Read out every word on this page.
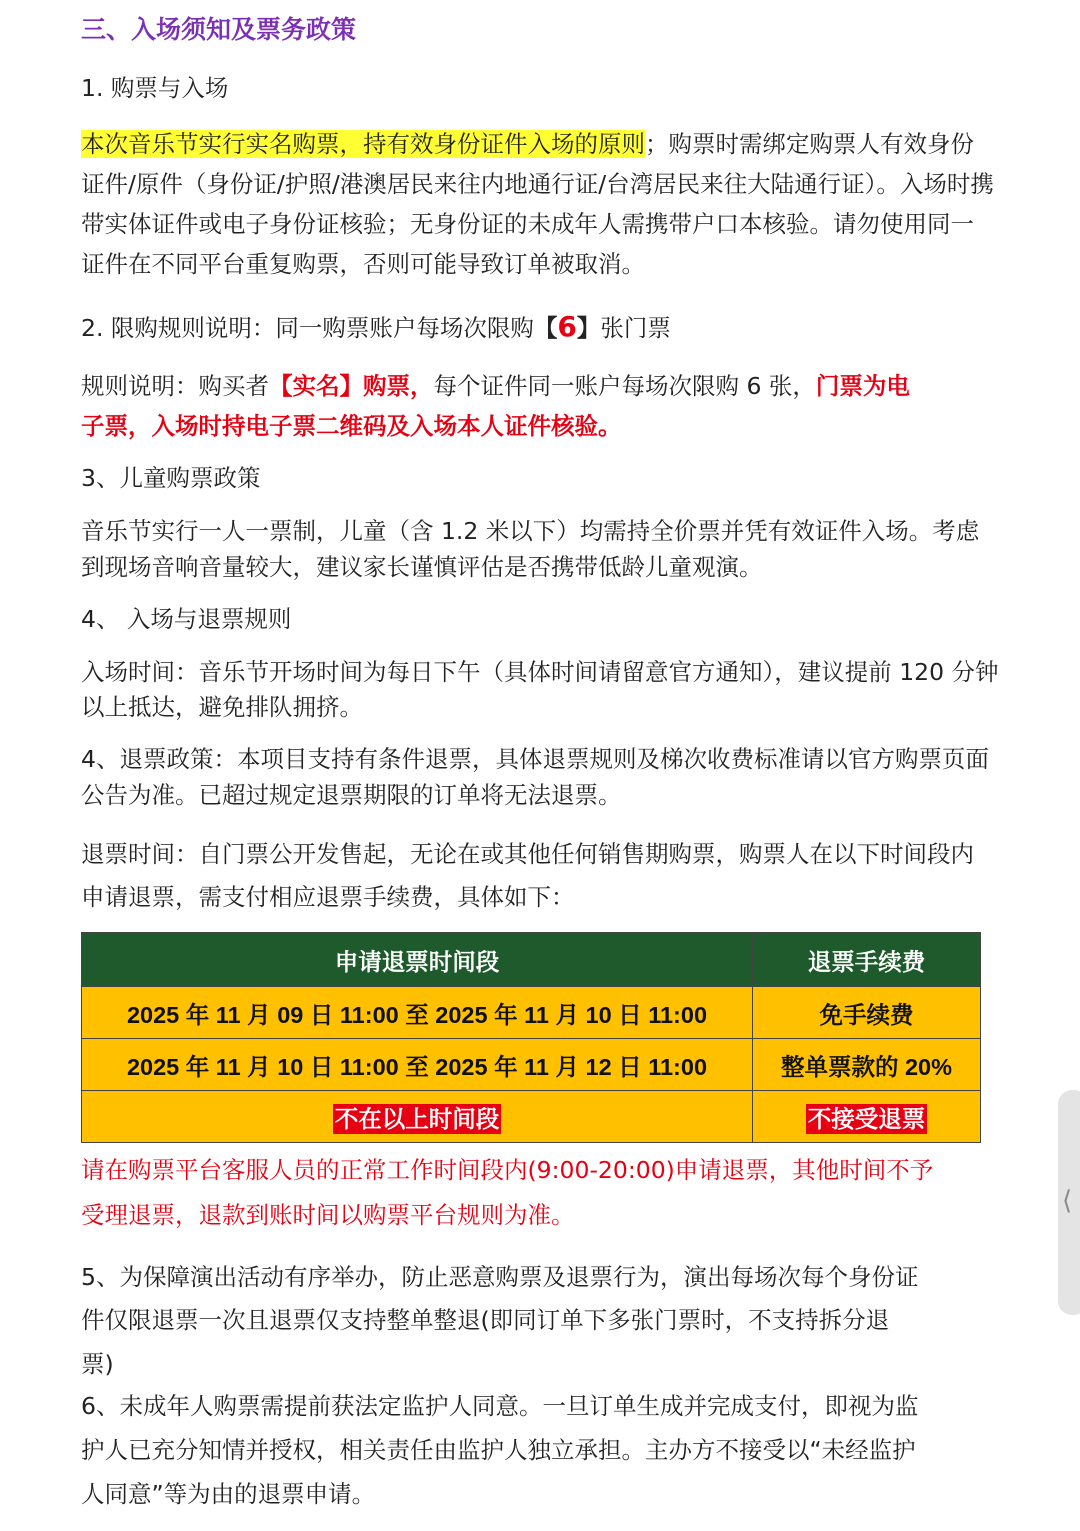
三、入场须知及票务政策
1. 购票与入场
本次音乐节实行实名购票，持有效身份证件入场的原则；购票时需绑定购票人有效身份
证件/原件（身份证/护照/港澳居民来往内地通行证/台湾居民来往大陆通行证）。入场时携
带实体证件或电子身份证核验；无身份证的未成年人需携带户口本核验。请勿使用同一
证件在不同平台重复购票，否则可能导致订单被取消。
2. 限购规则说明：同一购票账户每场次限购【6】张门票
规则说明：购买者【实名】购票，每个证件同一账户每场次限购 6 张，门票为电
子票，入场时持电子票二维码及入场本人证件核验。
3、儿童购票政策
音乐节实行一人一票制，儿童（含 1.2 米以下）均需持全价票并凭有效证件入场。考虑
到现场音响音量较大，建议家长谨慎评估是否携带低龄儿童观演。
4、 入场与退票规则
入场时间：音乐节开场时间为每日下午（具体时间请留意官方通知），建议提前 120 分钟
以上抵达，避免排队拥挤。
4、退票政策：本项目支持有条件退票，具体退票规则及梯次收费标准请以官方购票页面
公告为准。已超过规定退票期限的订单将无法退票。
退票时间：自门票公开发售起，无论在或其他任何销售期购票，购票人在以下时间段内
申请退票，需支付相应退票手续费，具体如下：
申请退票时间段	退票手续费
2025 年 11 月 09 日 11:00 至 2025 年 11 月 10 日 11:00	免手续费
2025 年 11 月 10 日 11:00 至 2025 年 11 月 12 日 11:00	整单票款的 20%
不在以上时间段	不接受退票
请在购票平台客服人员的正常工作时间段内(9:00-20:00)申请退票，其他时间不予
受理退票，退款到账时间以购票平台规则为准。
5、为保障演出活动有序举办，防止恶意购票及退票行为，演出每场次每个身份证
件仅限退票一次且退票仅支持整单整退(即同订单下多张门票时，不支持拆分退
票)
6、未成年人购票需提前获法定监护人同意。一旦订单生成并完成支付，即视为监
护人已充分知情并授权，相关责任由监护人独立承担。主办方不接受以“未经监护
人同意”等为由的退票申请。
⟨
